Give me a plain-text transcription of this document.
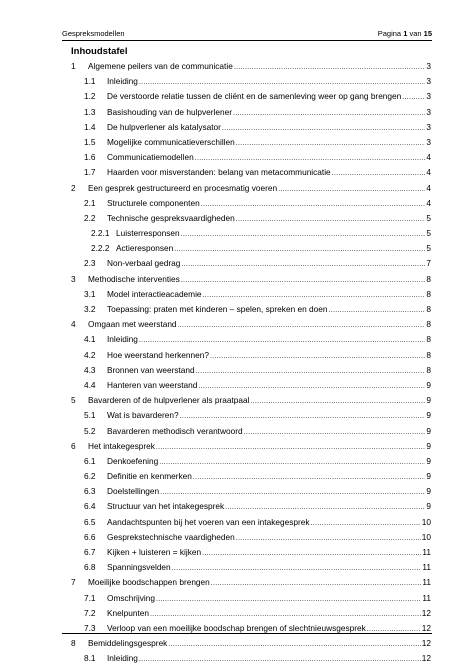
Gespreksmodellen	Pagina 1 van 15
Inhoudstafel
1	Algemene peilers van de communicatie .....	3
1.1	Inleiding .....	3
1.2	De verstoorde relatie tussen de cliënt en de samenleving weer op gang brengen .....	3
1.3	Basishouding van de hulpverlener .....	3
1.4	De hulpverlener als katalysator .....	3
1.5	Mogelijke communicatieverschillen .....	3
1.6	Communicatiemodellen .....	4
1.7	Haarden voor misverstanden: belang van metacommunicatie .....	4
2	Een gesprek gestructureerd en procesmatig voeren .....	4
2.1	Structurele componenten .....	4
2.2	Technische gespreksvaardigheden .....	5
2.2.1 Luisterresponsen .....	5
2.2.2 Actieresponsen .....	5
2.3	Non-verbaal gedrag .....	7
3	Methodische interventies .....	8
3.1	Model interactieacademie .....	8
3.2	Toepassing: praten met kinderen – spelen, spreken en doen .....	8
4	Omgaan met weerstand .....	8
4.1	Inleiding .....	8
4.2	Hoe weerstand herkennen? .....	8
4.3	Bronnen van weerstand .....	8
4.4	Hanteren van weerstand .....	9
5	Bavarderen of de hulpverlener als praatpaal .....	9
5.1	Wat is bavarderen? .....	9
5.2	Bavarderen methodisch verantwoord .....	9
6	Het intakegesprek .....	9
6.1	Denkoefening .....	9
6.2	Definitie en kenmerken .....	9
6.3	Doelstellingen .....	9
6.4	Structuur van het intakegesprek .....	9
6.5	Aandachtspunten bij het voeren van een intakegesprek .....	10
6.6	Gesprekstechnische vaardigheden .....	10
6.7	Kijken + luisteren = kijken .....	11
6.8	Spanningsvelden .....	11
7	Moeilijke boodschappen brengen .....	11
7.1	Omschrijving .....	11
7.2	Knelpunten .....	12
7.3	Verloop van een moeilijke boodschap brengen of slechtnieuwsgesprek .....	12
8	Bemiddelingsgesprek .....	12
8.1	Inleiding .....	12
